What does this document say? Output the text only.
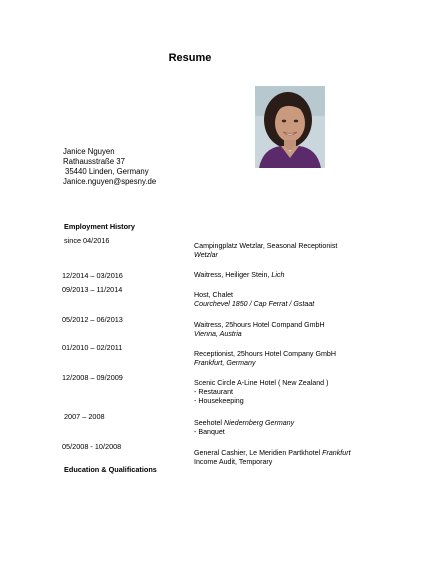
Resume
Janice Nguyen
Rathausstraße 37
35440 Linden, Germany
Janice.nguyen@spesny.de
Employment History
since 04/2016
Campingplatz Wetzlar, Seasonal Receptionist
Wetzlar
12/2014 – 03/2016	Waitress, Heiliger Stein, Lich
09/2013 – 11/2014
Host, Chalet
Courchevel 1850 / Cap Ferrat / Gstaat
05/2012 – 06/2013
Waitress, 25hours Hotel Compand GmbH
Vienna, Austria
01/2010 – 02/2011
Receptionist, 25hours Hotel Company GmbH
Frankfurt, Germany
12/2008 – 09/2009
Scenic Circle A-Line Hotel ( New Zealand )
- Restaurant
- Housekeeping
2007 – 2008
Seehotel Niedernberg Germany
- Banquet
05/2008 - 10/2008
General Cashier, Le Meridien Partkhotel Frankfurt
Income Audit, Temporary
Education & Qualifications
